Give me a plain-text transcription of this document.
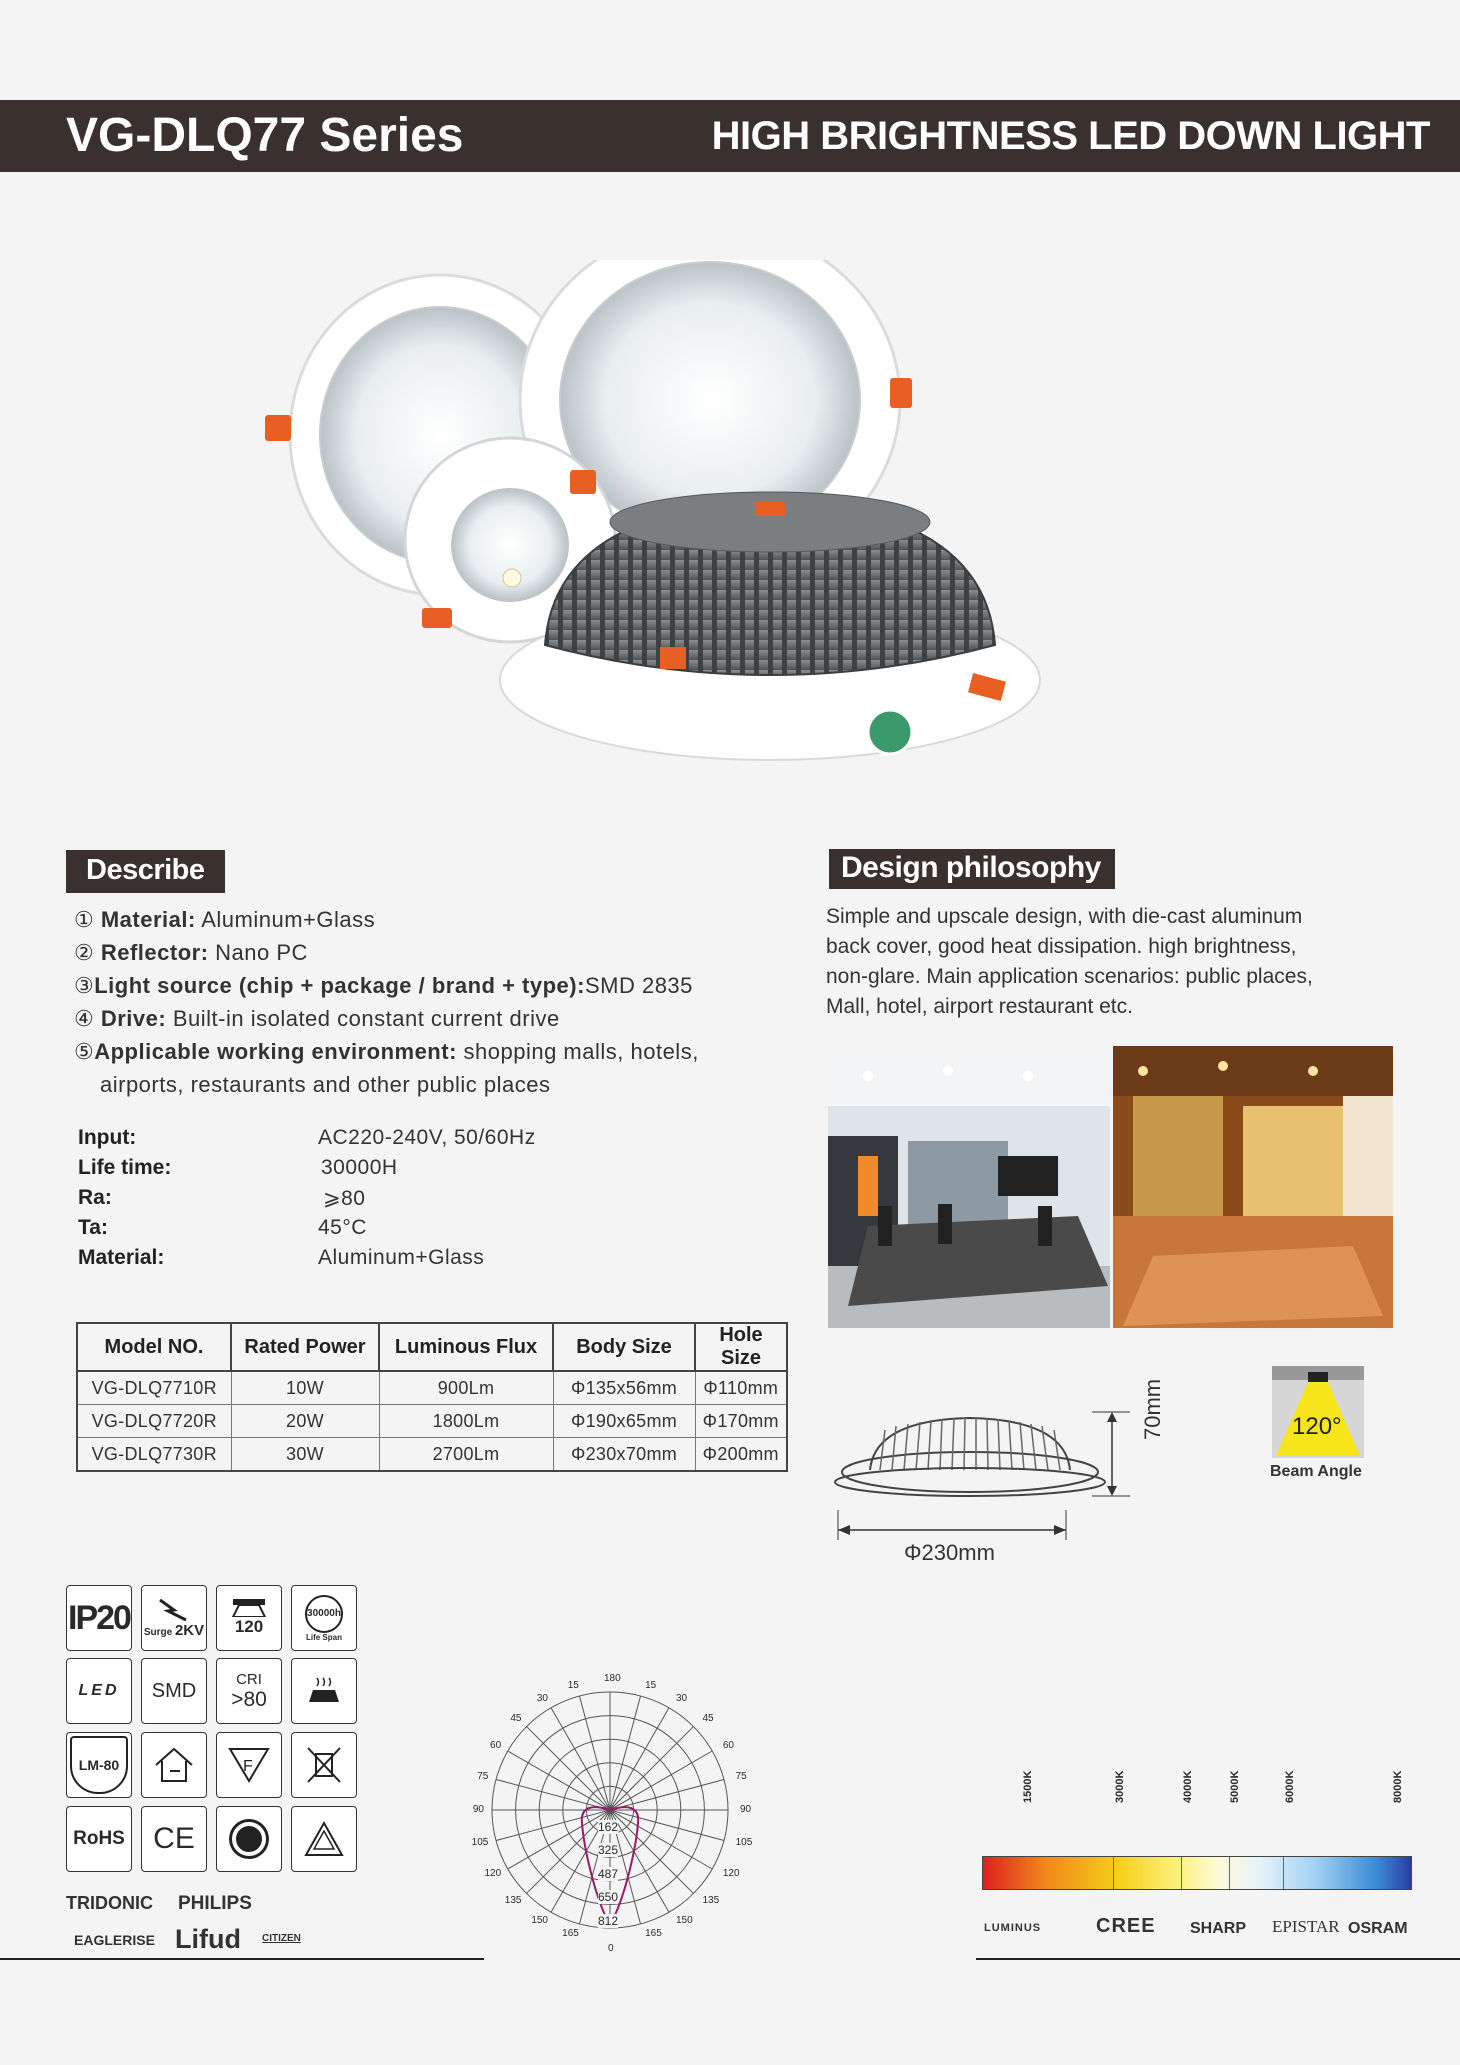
VG-DLQ77 Series	HIGH BRIGHTNESS LED DOWN LIGHT
Describe
① Material: Aluminum+Glass
② Reflector: Nano PC
③Light source (chip + package / brand + type):SMD 2835
④ Drive: Built-in isolated constant current drive
⑤Applicable working environment: shopping malls, hotels,
airports, restaurants and other public places
Input:	AC220-240V, 50/60Hz
Life time:	30000H
Ra:	⩾80
Ta:	45°C
Material:	Aluminum+Glass
Model NO.	Rated Power	Luminous Flux	Body Size	Hole Size
VG-DLQ7710R	10W	900Lm	Φ135x56mm	Φ110mm
VG-DLQ7720R	20W	1800Lm	Φ190x65mm	Φ170mm
VG-DLQ7730R	30W	2700Lm	Φ230x70mm	Φ200mm
Design philosophy
Simple and upscale design, with die-cast aluminum
back cover, good heat dissipation. high brightness,
non-glare. Main application scenarios: public places,
Mall, hotel, airport restaurant etc.
120°
Beam Angle
70mm
Φ230mm
IP20 Surge 2KV 120
30000h
Life Span
LED	SMD
CRI
>80
LM-80	F
RoHS CE
TRIDONIC PHILIPS
EAGLERISE Lifud CITIZEN
180
0
165	165
150	150
135	135
120	120
105	105
90	90
75	75
60	60
45	45
30	30
15	15
162
325
487
650
812
1500K	3000K	4000K	5000K	6000K	8000K
LUMINUS	CREE SHARP EPISTAR OSRAM
